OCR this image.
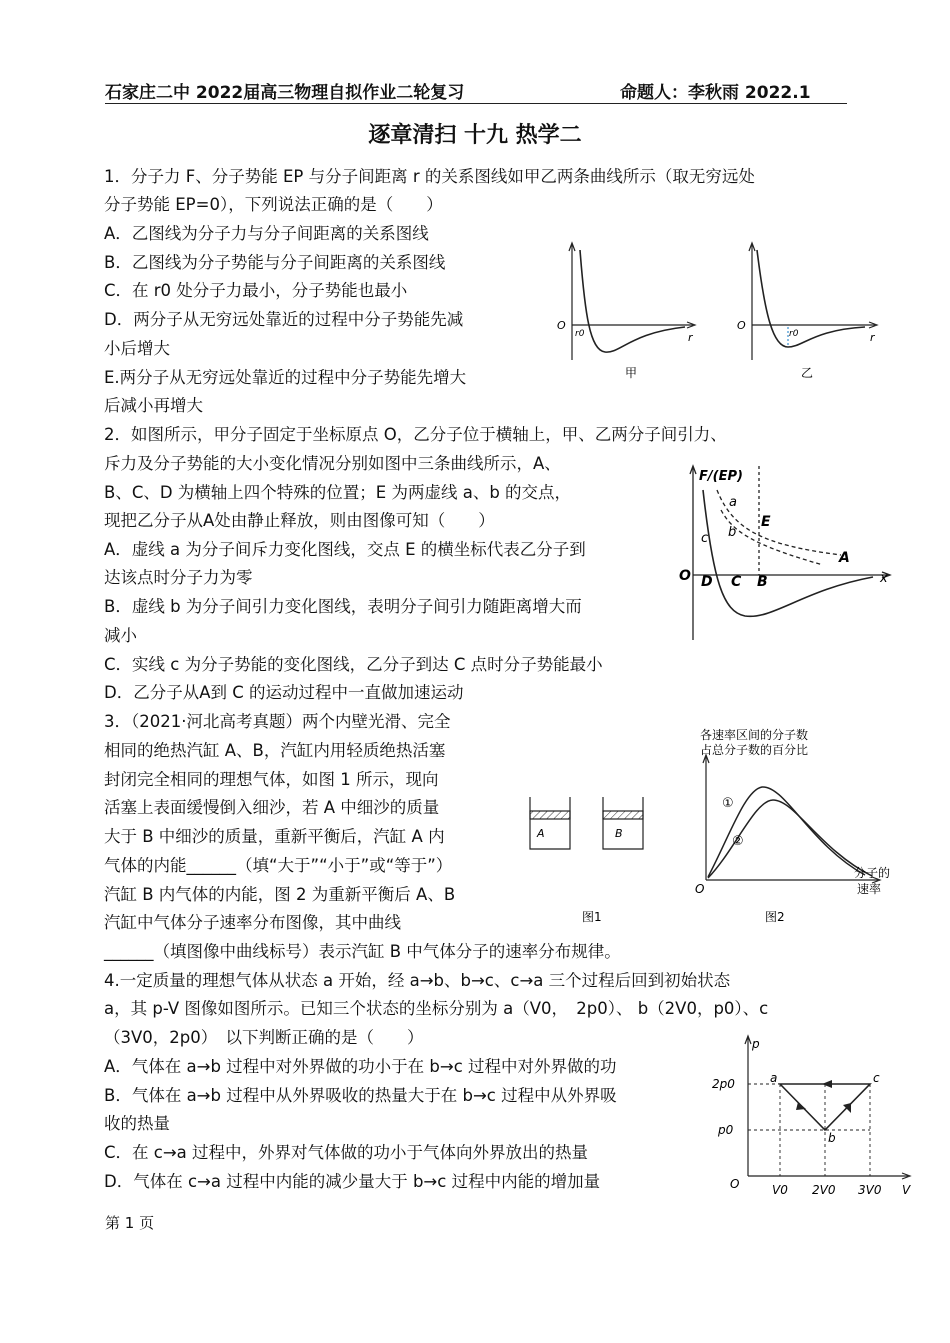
石家庄二中 2022届高三物理自拟作业二轮复习	命题人：李秋雨 2022.1
逐章清扫 十九 热学二
1．分子力 F、分子势能 EP 与分子间距离 r 的关系图线如甲乙两条曲线所示（取无穷远处
分子势能 EP=0），下列说法正确的是（　　）
A．乙图线为分子力与分子间距离的关系图线
B．乙图线为分子势能与分子间距离的关系图线
C．在 r0 处分子力最小，分子势能也最小
D．两分子从无穷远处靠近的过程中分子势能先减
小后增大
E.两分子从无穷远处靠近的过程中分子势能先增大
后减小再增大
2．如图所示，甲分子固定于坐标原点 O，乙分子位于横轴上，甲、乙两分子间引力、
斥力及分子势能的大小变化情况分别如图中三条曲线所示，A、
B、C、D 为横轴上四个特殊的位置；E 为两虚线 a、b 的交点，
现把乙分子从A处由静止释放，则由图像可知（　　）
A．虚线 a 为分子间斥力变化图线，交点 E 的横坐标代表乙分子到
达该点时分子力为零
B．虚线 b 为分子间引力变化图线，表明分子间引力随距离增大而
减小
C．实线 c 为分子势能的变化图线，乙分子到达 C 点时分子势能最小
D．乙分子从A到 C 的运动过程中一直做加速运动
3．（2021·河北高考真题）两个内壁光滑、完全
相同的绝热汽缸 A、B，汽缸内用轻质绝热活塞
封闭完全相同的理想气体，如图 1 所示，现向
活塞上表面缓慢倒入细沙，若 A 中细沙的质量
大于 B 中细沙的质量，重新平衡后，汽缸 A 内
气体的内能______（填“大于”“小于”或“等于”）
汽缸 B 内气体的内能，图 2 为重新平衡后 A、B
汽缸中气体分子速率分布图像，其中曲线
______（填图像中曲线标号）表示汽缸 B 中气体分子的速率分布规律。
4.一定质量的理想气体从状态 a 开始，经 a→b、b→c、c→a 三个过程后回到初始状态
a，其 p-V 图像如图所示。已知三个状态的坐标分别为 a（V0，　2p0）、 b（2V0，p0）、c
（3V0，2p0）　以下判断正确的是（　　）
A．气体在 a→b 过程中对外界做的功小于在 b→c 过程中对外界做的功
B．气体在 a→b 过程中从外界吸收的热量大于在 b→c 过程中从外界吸
收的热量
C．在 c→a 过程中，外界对气体做的功小于气体向外界放出的热量
D．气体在 c→a 过程中内能的减少量大于 b→c 过程中内能的增加量
O
r0	r
甲
O
r0	r
乙
F/(EP)
a
b
c
E
A
O D C B	x
A	B
图1	图2
各速率区间的分子数
占总分子数的百分比
分子的
速率
①
②
O
p
V
O
2p0
p0
V0 2V0 3V0
a
b
c
第 1 页
